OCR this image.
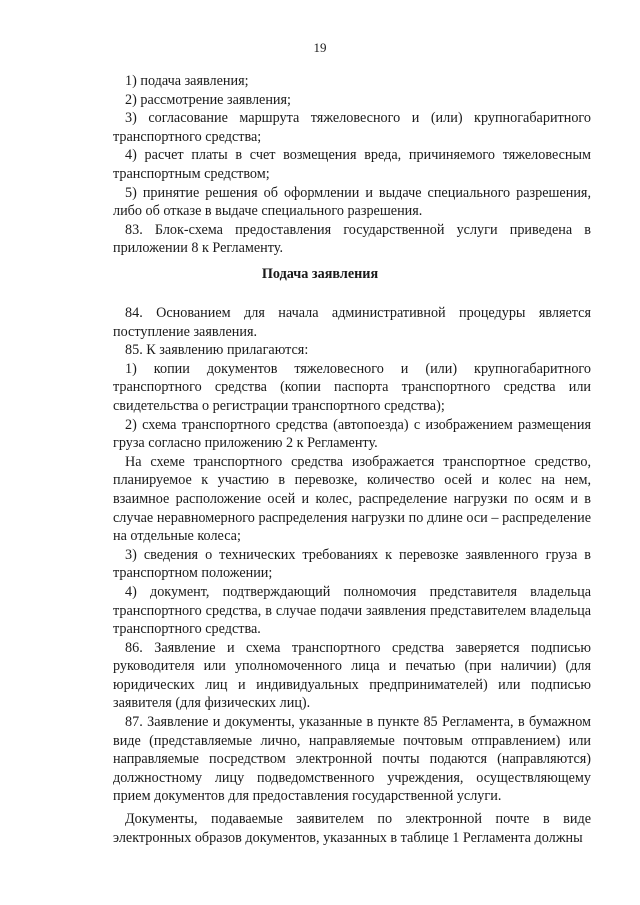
19

1) подача заявления;

2) рассмотрение заявления;

3) согласование маршрута тяжеловесного и (или) крупногабаритного транспортного средства;

4) расчет платы в счет возмещения вреда, причиняемого тяжеловесным транспортным средством;

5) принятие решения об оформлении и выдаче специального разрешения, либо об отказе в выдаче специального разрешения.

83. Блок-схема предоставления государственной услуги приведена в приложении 8 к Регламенту.

Подача заявления

84. Основанием для начала административной процедуры является поступление заявления.

85. К заявлению прилагаются:

1) копии документов тяжеловесного и (или) крупногабаритного транспортного средства (копии паспорта транспортного средства или свидетельства о регистрации транспортного средства);

2) схема транспортного средства (автопоезда) с изображением размещения груза согласно приложению 2 к Регламенту.

На схеме транспортного средства изображается транспортное средство, планируемое к участию в перевозке, количество осей и колес на нем, взаимное расположение осей и колес, распределение нагрузки по осям и в случае неравномерного распределения нагрузки по длине оси – распределение на отдельные колеса;

3) сведения о технических требованиях к перевозке заявленного груза в транспортном положении;

4) документ, подтверждающий полномочия представителя владельца транспортного средства, в случае подачи заявления представителем владельца транспортного средства.

86. Заявление и схема транспортного средства заверяется подписью руководителя или уполномоченного лица и печатью (при наличии) (для юридических лиц и индивидуальных предпринимателей) или подписью заявителя (для физических лиц).

87. Заявление и документы, указанные в пункте 85 Регламента, в бумажном виде (представляемые лично, направляемые почтовым отправлением) или направляемые посредством электронной почты подаются (направляются) должностному лицу подведомственного учреждения, осуществляющему прием документов для предоставления государственной услуги.

Документы, подаваемые заявителем по электронной почте в виде электронных образов документов, указанных в таблице 1 Регламента должны
